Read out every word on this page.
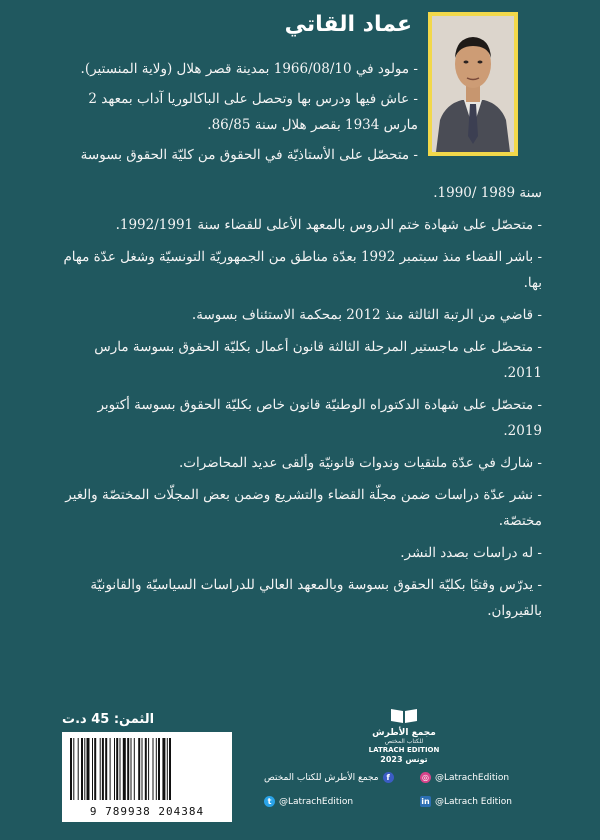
عماد القاتي

- مولود في 1966/08/10 بمدينة قصر هلال (ولاية المنستير).

- عاش فيها ودرس بها وتحصل على الباكالوريا آداب بمعهد 2 مارس 1934 بقصر هلال سنة 86/85.

- متحصّل على الأستاذيّة في الحقوق من كليّة الحقوق بسوسة

سنة 1989 /1990.

- متحصّل على شهادة ختم الدروس بالمعهد الأعلى للقضاء سنة 1992/1991.

- باشر القضاء منذ سبتمبر 1992 بعدّة مناطق من الجمهوريّة التونسيّة وشغل عدّة مهام بها.

- قاضي من الرتبة الثالثة منذ 2012 بمحكمة الاستئناف بسوسة.

- متحصّل على ماجستير المرحلة الثالثة قانون أعمال بكليّة الحقوق بسوسة مارس 2011.

- متحصّل على شهادة الدكتوراه الوطنيّة قانون خاص بكليّة الحقوق بسوسة أكتوبر 2019.

- شارك في عدّة ملتقيات وندوات قانونيّة وألقى عديد المحاضرات.

- نشر عدّة دراسات ضمن مجلّة القضاء والتشريع وضمن بعض المجلّات المختصّة والغير مختصّة.

- له دراسات بصدد النشر.

- يدرّس وقتيًا بكليّة الحقوق بسوسة وبالمعهد العالي للدراسات السياسيّة والقانونيّة بالقيروان.

الثمن: 45 د.ت
9 789938 204384
مجمع الأطرش
للكتاب المختص
LATRACH EDITION
تونس 2023
◎ @LatrachEdition
f
مجمع الأطرش للكتاب المختص
in @Latrach Edition
t @LatrachEdition
